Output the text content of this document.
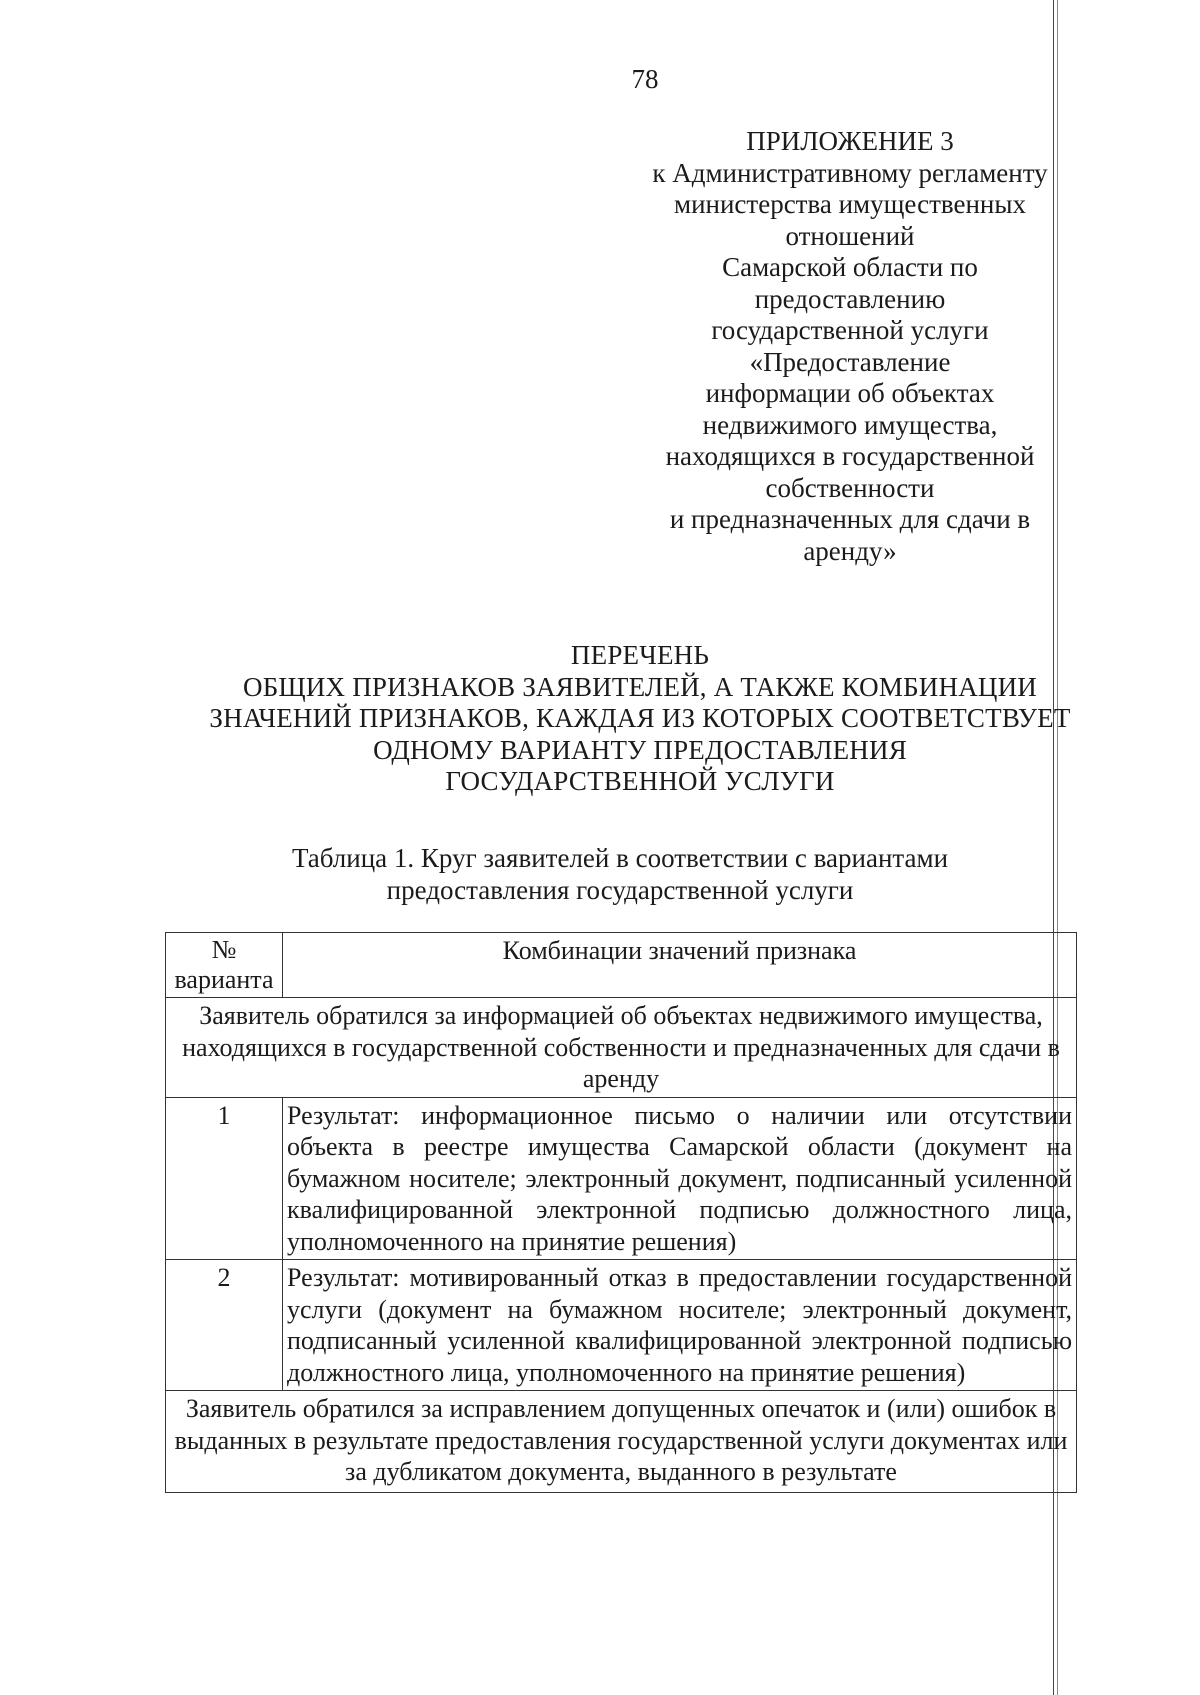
78
ПРИЛОЖЕНИЕ 3
к Административному регламенту
министерства имущественных
отношений
Самарской области по
предоставлению
государственной услуги
«Предоставление
информации об объектах
недвижимого имущества,
находящихся в государственной
собственности
и предназначенных для сдачи в
аренду»
ПЕРЕЧЕНЬ
ОБЩИХ ПРИЗНАКОВ ЗАЯВИТЕЛЕЙ, А ТАКЖЕ КОМБИНАЦИИ
ЗНАЧЕНИЙ ПРИЗНАКОВ, КАЖДАЯ ИЗ КОТОРЫХ СООТВЕТСТВУЕТ
ОДНОМУ ВАРИАНТУ ПРЕДОСТАВЛЕНИЯ
ГОСУДАРСТВЕННОЙ УСЛУГИ
Таблица 1. Круг заявителей в соответствии с вариантами предоставления государственной услуги
№ варианта	Комбинации значений признака
Заявитель обратился за информацией об объектах недвижимого имущества, находящихся в государственной собственности и предназначенных для сдачи в аренду	
1	Результат: информационное письмо о наличии или отсутствии объекта в реестре имущества Самарской области (документ на бумажном носителе; электронный документ, подписанный усиленной квалифицированной электронной подписью должностного лица, уполномоченного на принятие решения)
2	Результат: мотивированный отказ в предоставлении государственной услуги (документ на бумажном носителе; электронный документ, подписанный усиленной квалифицированной электронной подписью должностного лица, уполномоченного на принятие решения)
Заявитель обратился за исправлением допущенных опечаток и (или) ошибок в выданных в результате предоставления государственной услуги документах или за дубликатом документа, выданного в результате	
